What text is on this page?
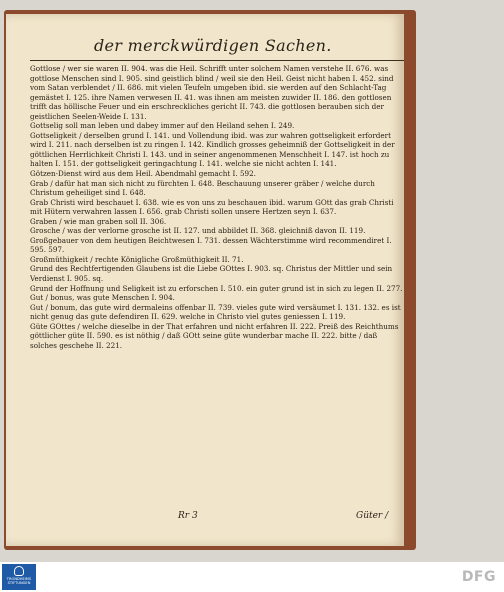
der merckwürdigen Sachen.

Gottlose / wer sie waren II. 904. was die Heil. Schrifft unter solchem Namen verstehe II. 676. was gottlose Menschen sind I. 905. sind geistlich blind / weil sie den Heil. Geist nicht haben I. 452. sind vom Satan verblendet / II. 686. mit vielen Teufeln umgeben ibid. sie werden auf den Schlacht-Tag gemästet I. 125. ihre Namen verwesen II. 41. was ihnen am meisten zuwider II. 186. den gottlosen trifft das höllische Feuer und ein erschreckliches gericht II. 743. die gottlosen berauben sich der geistlichen Seelen-Weide I. 131.

Gottselig soll man leben und dabey immer auf den Heiland sehen I. 249.

Gottseligkeit / derselben grund I. 141. und Vollendung ibid. was zur wahren gottseligkeit erfordert wird I. 211. nach derselben ist zu ringen I. 142. Kindlich grosses geheimniß der Gottseligkeit in der göttlichen Herrlichkeit Christi I. 143. und in seiner angenommenen Menschheit I. 147. ist hoch zu halten I. 151. der gottseligkeit geringachtung I. 141. welche sie nicht achten I. 141.

Götzen-Dienst wird aus dem Heil. Abendmahl gemacht I. 592.

Grab / dafür hat man sich nicht zu fürchten I. 648. Beschauung unserer gräber / welche durch Christum geheiliget sind I. 648.

Grab Christi wird beschauet I. 638. wie es von uns zu beschauen ibid. warum GOtt das grab Christi mit Hütern verwahren lassen I. 656. grab Christi sollen unsere Hertzen seyn I. 637.

Graben / wie man graben soll II. 306.

Grosche / was der verlorne grosche ist II. 127. und abbildet II. 368. gleichniß davon II. 119.

Großgebauer von dem heutigen Beichtwesen I. 731. dessen Wächterstimme wird recommendiret I. 595. 597.

Großmüthigkeit / rechte Königliche Großmüthigkeit II. 71.

Grund des Rechtfertigenden Glaubens ist die Liebe GOttes I. 903. sq. Christus der Mittler und sein Verdienst I. 905. sq.

Grund der Hoffnung und Seligkeit ist zu erforschen I. 510. ein guter grund ist in sich zu legen II. 277.

Gut / bonus, was gute Menschen I. 904.

Gut / bonum, das gute wird dermaleins offenbar II. 739. vieles gute wird versäumet I. 131. 132. es ist nicht genug das gute defendiren II. 629. welche in Christo viel gutes geniessen I. 119.

Güte GOttes / welche dieselbe in der That erfahren und nicht erfahren II. 222. Preiß des Reichthums göttlicher güte II. 590. es ist nöthig / daß GOtt seine güte wunderbar mache II. 222. bitte / daß solches geschehe II. 221.

Rr 3	Güter /
TRONDHEIMS STIFTUNGEN	DFG
